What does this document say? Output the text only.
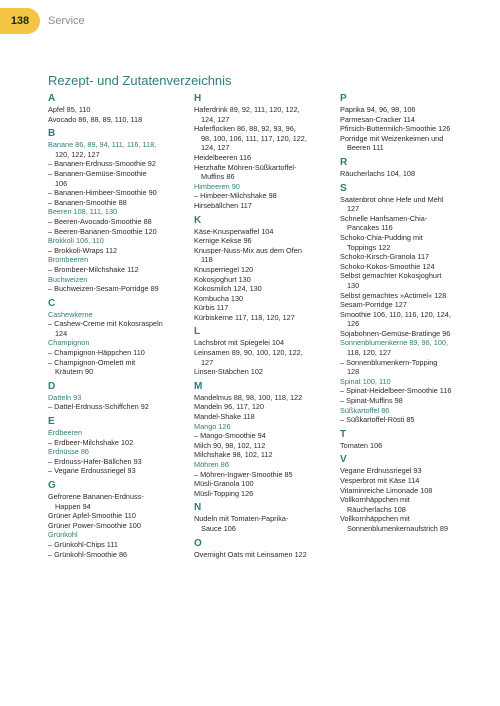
138	Service
Rezept- und Zutatenverzeichnis
A
Apfel 85, 110
Avocado 86, 88, 89, 110, 118
B
Banane 86, 89, 94, 111, 116, 118,
120, 122, 127
– Bananen-Erdnuss-Smoothie 92
– Bananen-Gemüse-Smoothie
106
– Bananen-Himbeer-Smoothie 90
– Bananen-Smoothie 88
Beeren 108, 111, 130
– Beeren-Avocado-Smoothie 88
– Beeren-Bananen-Smoothie 120
Brokkoli 106, 110
– Brokkoli-Wraps 112
Brombeeren
– Brombeer-Milchshake 112
Buchweizen
– Buchweizen-Sesam-Porridge 89
C
Cashewkerne
– Cashew-Creme mit Kokosraspeln
124
Champignon
– Champignon-Häppchen 110
– Champignon-Omelett mit
Kräutern 90
D
Datteln 93
– Dattel-Erdnuss-Schiffchen 92
E
Erdbeeren
– Erdbeer-Milchshake 102
Erdnüsse 86
– Erdnuss-Hafer-Bällchen 93
– Vegane Erdnussriegel 93
G
Gefrorene Bananen-Erdnuss-
Happen 94
Grüner Apfel-Smoothie 110
Grüner Power-Smoothie 100
Grünkohl
– Grünkohl-Chips 111
– Grünkohl-Smoothie 86
H
Haferdrink 89, 92, 111, 120, 122,
124, 127
Haferflocken 86, 88, 92, 93, 96,
98, 100, 106, 111, 117, 120, 122,
124, 127
Heidelbeeren 116
Herzhafte Möhren-Süßkartoffel-
Muffins 86
Himbeeren 90
– Himbeer-Milchshake 98
Hirsebällchen 117
K
Käse-Knusperwaffel 104
Kernige Kekse 96
Knusper-Nuss-Mix aus dem Ofen
118
Knusperriegel 120
Kokosjoghurt 130
Kokosmilch 124, 130
Kombucha 130
Kürbis 117
Kürbiskerne 117, 118, 120, 127
L
Lachsbrot mit Spiegelei 104
Leinsamen 89, 90, 100, 120, 122,
127
Linsen-Stäbchen 102
M
Mandelmus 88, 98, 100, 118, 122
Mandeln 96, 117, 120
Mandel-Shake 118
Mango 126
– Mango-Smoothie 94
Milch 90, 98, 102, 112
Milchshake 98, 102, 112
Möhren 86
– Möhren-Ingwer-Smoothie 85
Müsli-Granola 100
Müsli-Topping 126
N
Nudeln mit Tomaten-Paprika-
Sauce 106
O
Overnight Oats mit Leinsamen 122
P
Paprika 94, 96, 98, 106
Parmesan-Cracker 114
Pfirsich-Buttermilch-Smoothie 126
Porridge mit Weizenkeimen und
Beeren 111
R
Räucherlachs 104, 108
S
Saatenbrot ohne Hefe und Mehl
127
Schnelle Hanfsamen-Chia-
Pancakes 116
Schoko-Chia-Pudding mit
Toppings 122
Schoko-Kirsch-Granola 117
Schoko-Kokos-Smoothie 124
Selbst gemachter Kokosjoghurt
130
Selbst gemachtes »Actimel« 128
Sesam-Porridge 127
Smoothie 106, 110, 116, 120, 124,
126
Sojabohnen-Gemüse-Bratlinge 96
Sonnenblumenkerne 89, 96, 100,
118, 120, 127
– Sonnenblumenkern-Topping
128
Spinat 100, 110
– Spinat-Heidelbeer-Smoothie 116
– Spinat-Muffins 98
Süßkartoffel 86
– Süßkartoffel-Rösti 85
T
Tomaten 106
V
Vegane Erdnussriegel 93
Vesperbrot mit Käse 114
Vitaminreiche Limonade 108
Vollkornhäppchen mit
Räucherlachs 108
Vollkornhäppchen mit
Sonnenblumenkernaufstrich 89
